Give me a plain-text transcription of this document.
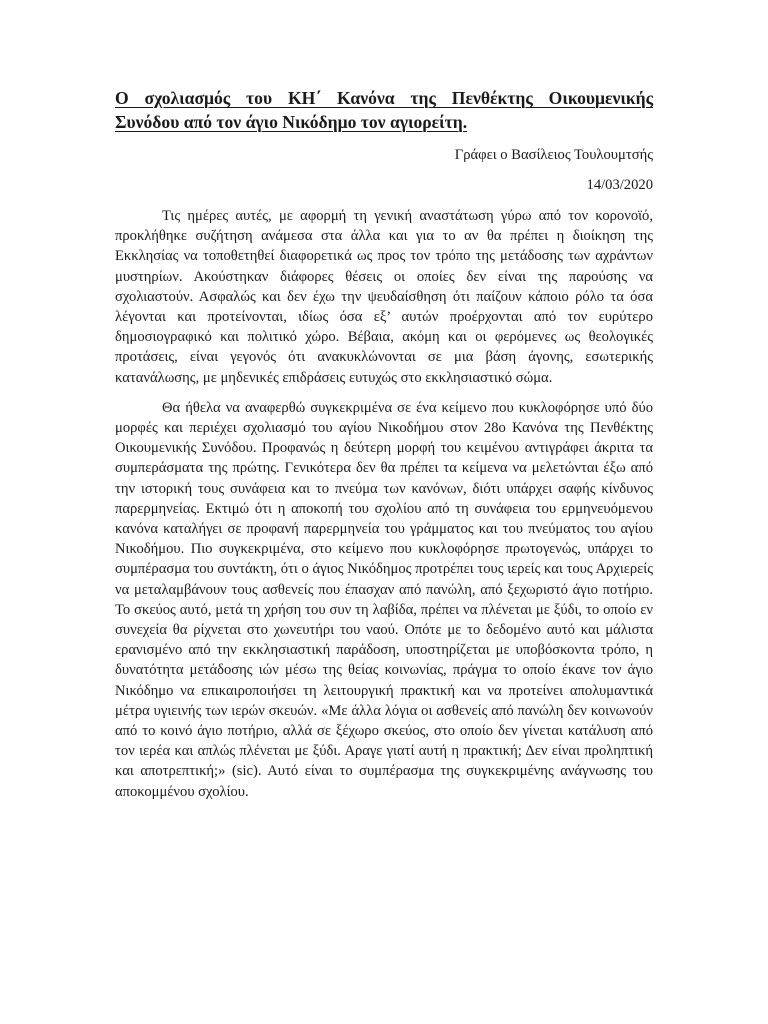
Ο σχολιασμός του ΚΗ΄ Κανόνα της Πενθέκτης Οικουμενικής
Συνόδου από τον άγιο Νικόδημο τον αγιορείτη.
Γράφει ο Βασίλειος Τουλουμτσής
14/03/2020

Τις ημέρες αυτές, με αφορμή τη γενική αναστάτωση γύρω από τον κορονοϊό, προκλήθηκε συζήτηση ανάμεσα στα άλλα και για το αν θα πρέπει η διοίκηση της Εκκλησίας να τοποθετηθεί διαφορετικά ως προς τον τρόπο της μετάδοσης των αχράντων μυστηρίων. Ακούστηκαν διάφορες θέσεις οι οποίες δεν είναι της παρούσης να σχολιαστούν. Ασφαλώς και δεν έχω την ψευδαίσθηση ότι παίζουν κάποιο ρόλο τα όσα λέγονται και προτείνονται, ιδίως όσα εξ’ αυτών προέρχονται από τον ευρύτερο δημοσιογραφικό και πολιτικό χώρο. Βέβαια, ακόμη και οι φερόμενες ως θεολογικές προτάσεις, είναι γεγονός ότι ανακυκλώνονται σε μια βάση άγονης, εσωτερικής κατανάλωσης, με μηδενικές επιδράσεις ευτυχώς στο εκκλησιαστικό σώμα.

Θα ήθελα να αναφερθώ συγκεκριμένα σε ένα κείμενο που κυκλοφόρησε υπό δύο μορφές και περιέχει σχολιασμό του αγίου Νικοδήμου στον 28ο Κανόνα της Πενθέκτης Οικουμενικής Συνόδου. Προφανώς η δεύτερη μορφή του κειμένου αντιγράφει άκριτα τα συμπεράσματα της πρώτης. Γενικότερα δεν θα πρέπει τα κείμενα να μελετώνται έξω από την ιστορική τους συνάφεια και το πνεύμα των κανόνων, διότι υπάρχει σαφής κίνδυνος παρερμηνείας. Εκτιμώ ότι η αποκοπή του σχολίου από τη συνάφεια του ερμηνευόμενου κανόνα καταλήγει σε προφανή παρερμηνεία του γράμματος και του πνεύματος του αγίου Νικοδήμου. Πιο συγκεκριμένα, στο κείμενο που κυκλοφόρησε πρωτογενώς, υπάρχει το συμπέρασμα του συντάκτη, ότι ο άγιος Νικόδημος προτρέπει τους ιερείς και τους Αρχιερείς να μεταλαμβάνουν τους ασθενείς που έπασχαν από πανώλη, από ξεχωριστό άγιο ποτήριο. Το σκεύος αυτό, μετά τη χρήση του συν τη λαβίδα, πρέπει να πλένεται με ξύδι, το οποίο εν συνεχεία θα ρίχνεται στο χωνευτήρι του ναού. Οπότε με το δεδομένο αυτό και μάλιστα ερανισμένο από την εκκλησιαστική παράδοση, υποστηρίζεται με υποβόσκοντα τρόπο, η δυνατότητα μετάδοσης ιών μέσω της θείας κοινωνίας, πράγμα το οποίο έκανε τον άγιο Νικόδημο να επικαιροποιήσει τη λειτουργική πρακτική και να προτείνει απολυμαντικά μέτρα υγιεινής των ιερών σκευών. «Με άλλα λόγια οι ασθενείς από πανώλη δεν κοινωνούν από το κοινό άγιο ποτήριο, αλλά σε ξέχωρο σκεύος, στο οποίο δεν γίνεται κατάλυση από τον ιερέα και απλώς πλένεται με ξύδι. Αραγε γιατί αυτή η πρακτική; Δεν είναι προληπτική και αποτρεπτική;» (sic). Αυτό είναι το συμπέρασμα της συγκεκριμένης ανάγνωσης του αποκομμένου σχολίου.
